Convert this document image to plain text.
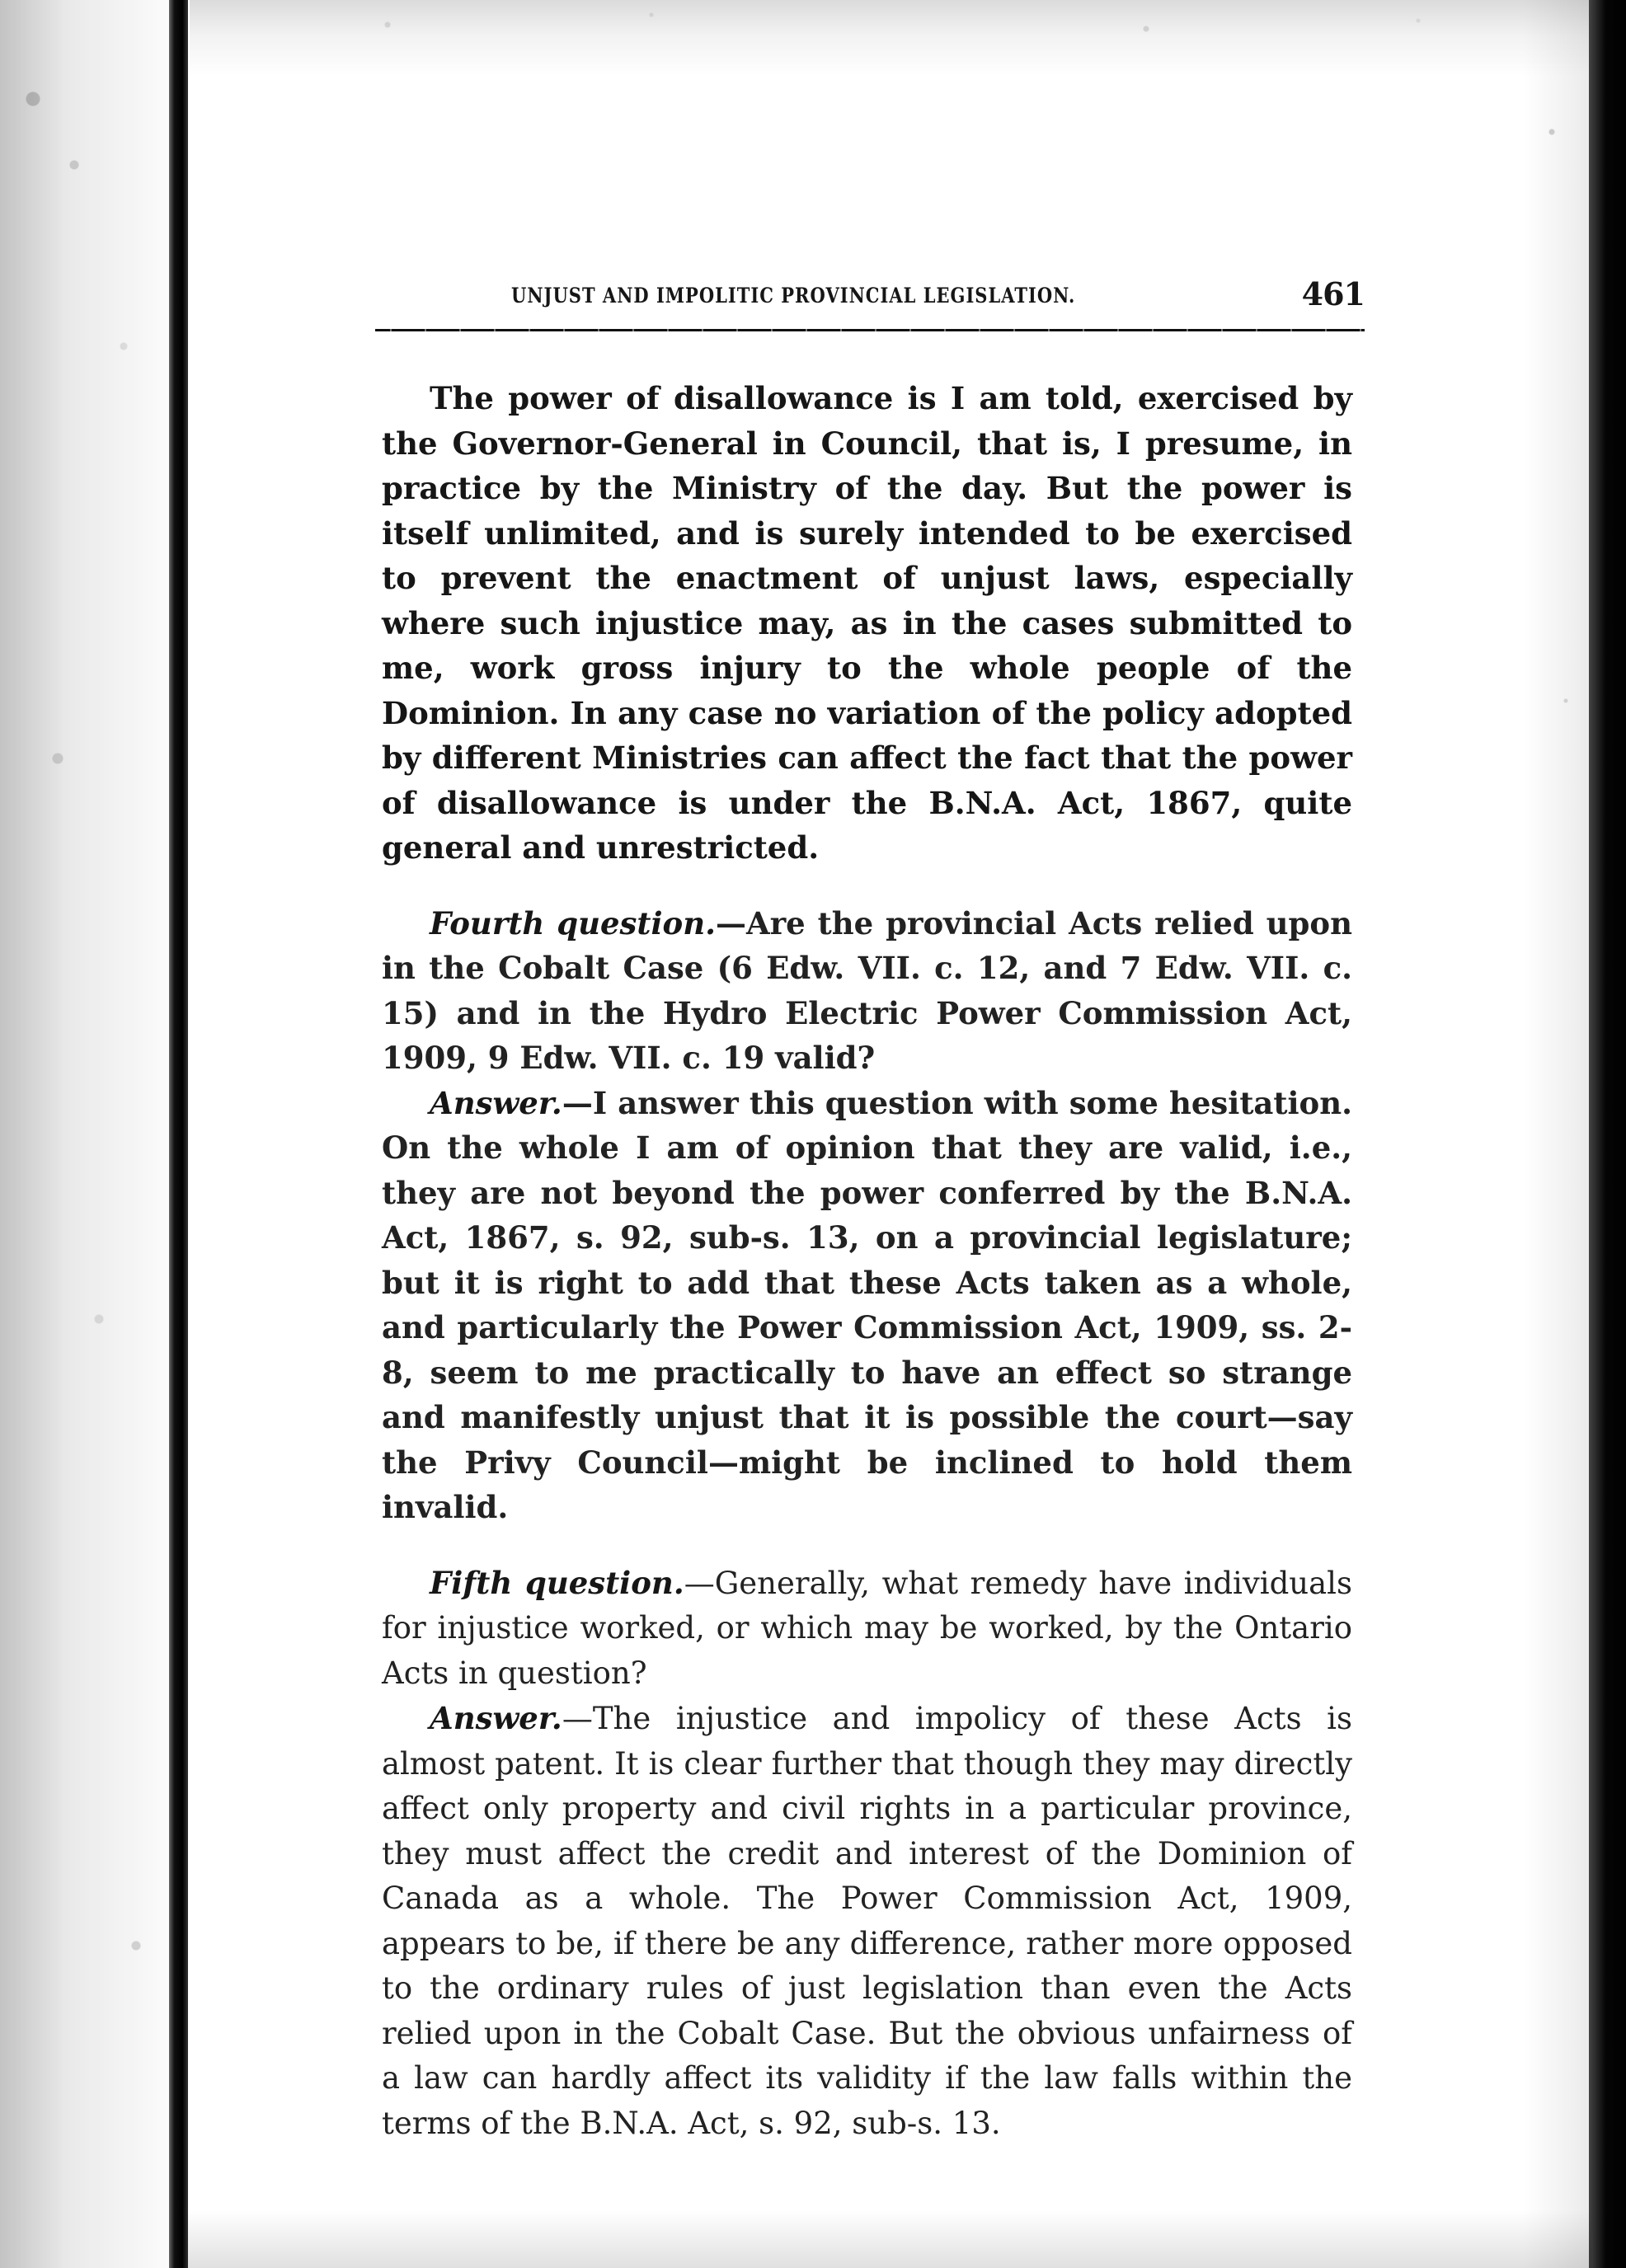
UNJUST AND IMPOLITIC PROVINCIAL LEGISLATION.	461

The power of disallowance is I am told, exercised by the Governor-General in Council, that is, I presume, in practice by the Ministry of the day. But the power is itself unlimited, and is surely intended to be exercised to prevent the enactment of unjust laws, especially where such injustice may, as in the cases submitted to me, work gross injury to the whole people of the Dominion. In any case no variation of the policy adopted by different Ministries can affect the fact that the power of disallowance is under the B.N.A. Act, 1867, quite general and unrestricted.

Fourth question.—Are the provincial Acts relied upon in the Cobalt Case (6 Edw. VII. c. 12, and 7 Edw. VII. c. 15) and in the Hydro Electric Power Commission Act, 1909, 9 Edw. VII. c. 19 valid?

Answer.—I answer this question with some hesitation. On the whole I am of opinion that they are valid, i.e., they are not beyond the power conferred by the B.N.A. Act, 1867, s. 92, sub-s. 13, on a provincial legislature; but it is right to add that these Acts taken as a whole, and particularly the Power Commission Act, 1909, ss. 2-8, seem to me practically to have an effect so strange and manifestly unjust that it is possible the court—say the Privy Council—might be inclined to hold them invalid.

Fifth question.—Generally, what remedy have individuals for injustice worked, or which may be worked, by the Ontario Acts in question?

Answer.—The injustice and impolicy of these Acts is almost patent. It is clear further that though they may directly affect only property and civil rights in a particular province, they must affect the credit and interest of the Dominion of Canada as a whole. The Power Commission Act, 1909, appears to be, if there be any difference, rather more opposed to the ordinary rules of just legislation than even the Acts relied upon in the Cobalt Case. But the obvious unfairness of a law can hardly affect its validity if the law falls within the terms of the B.N.A. Act, s. 92, sub-s. 13.
